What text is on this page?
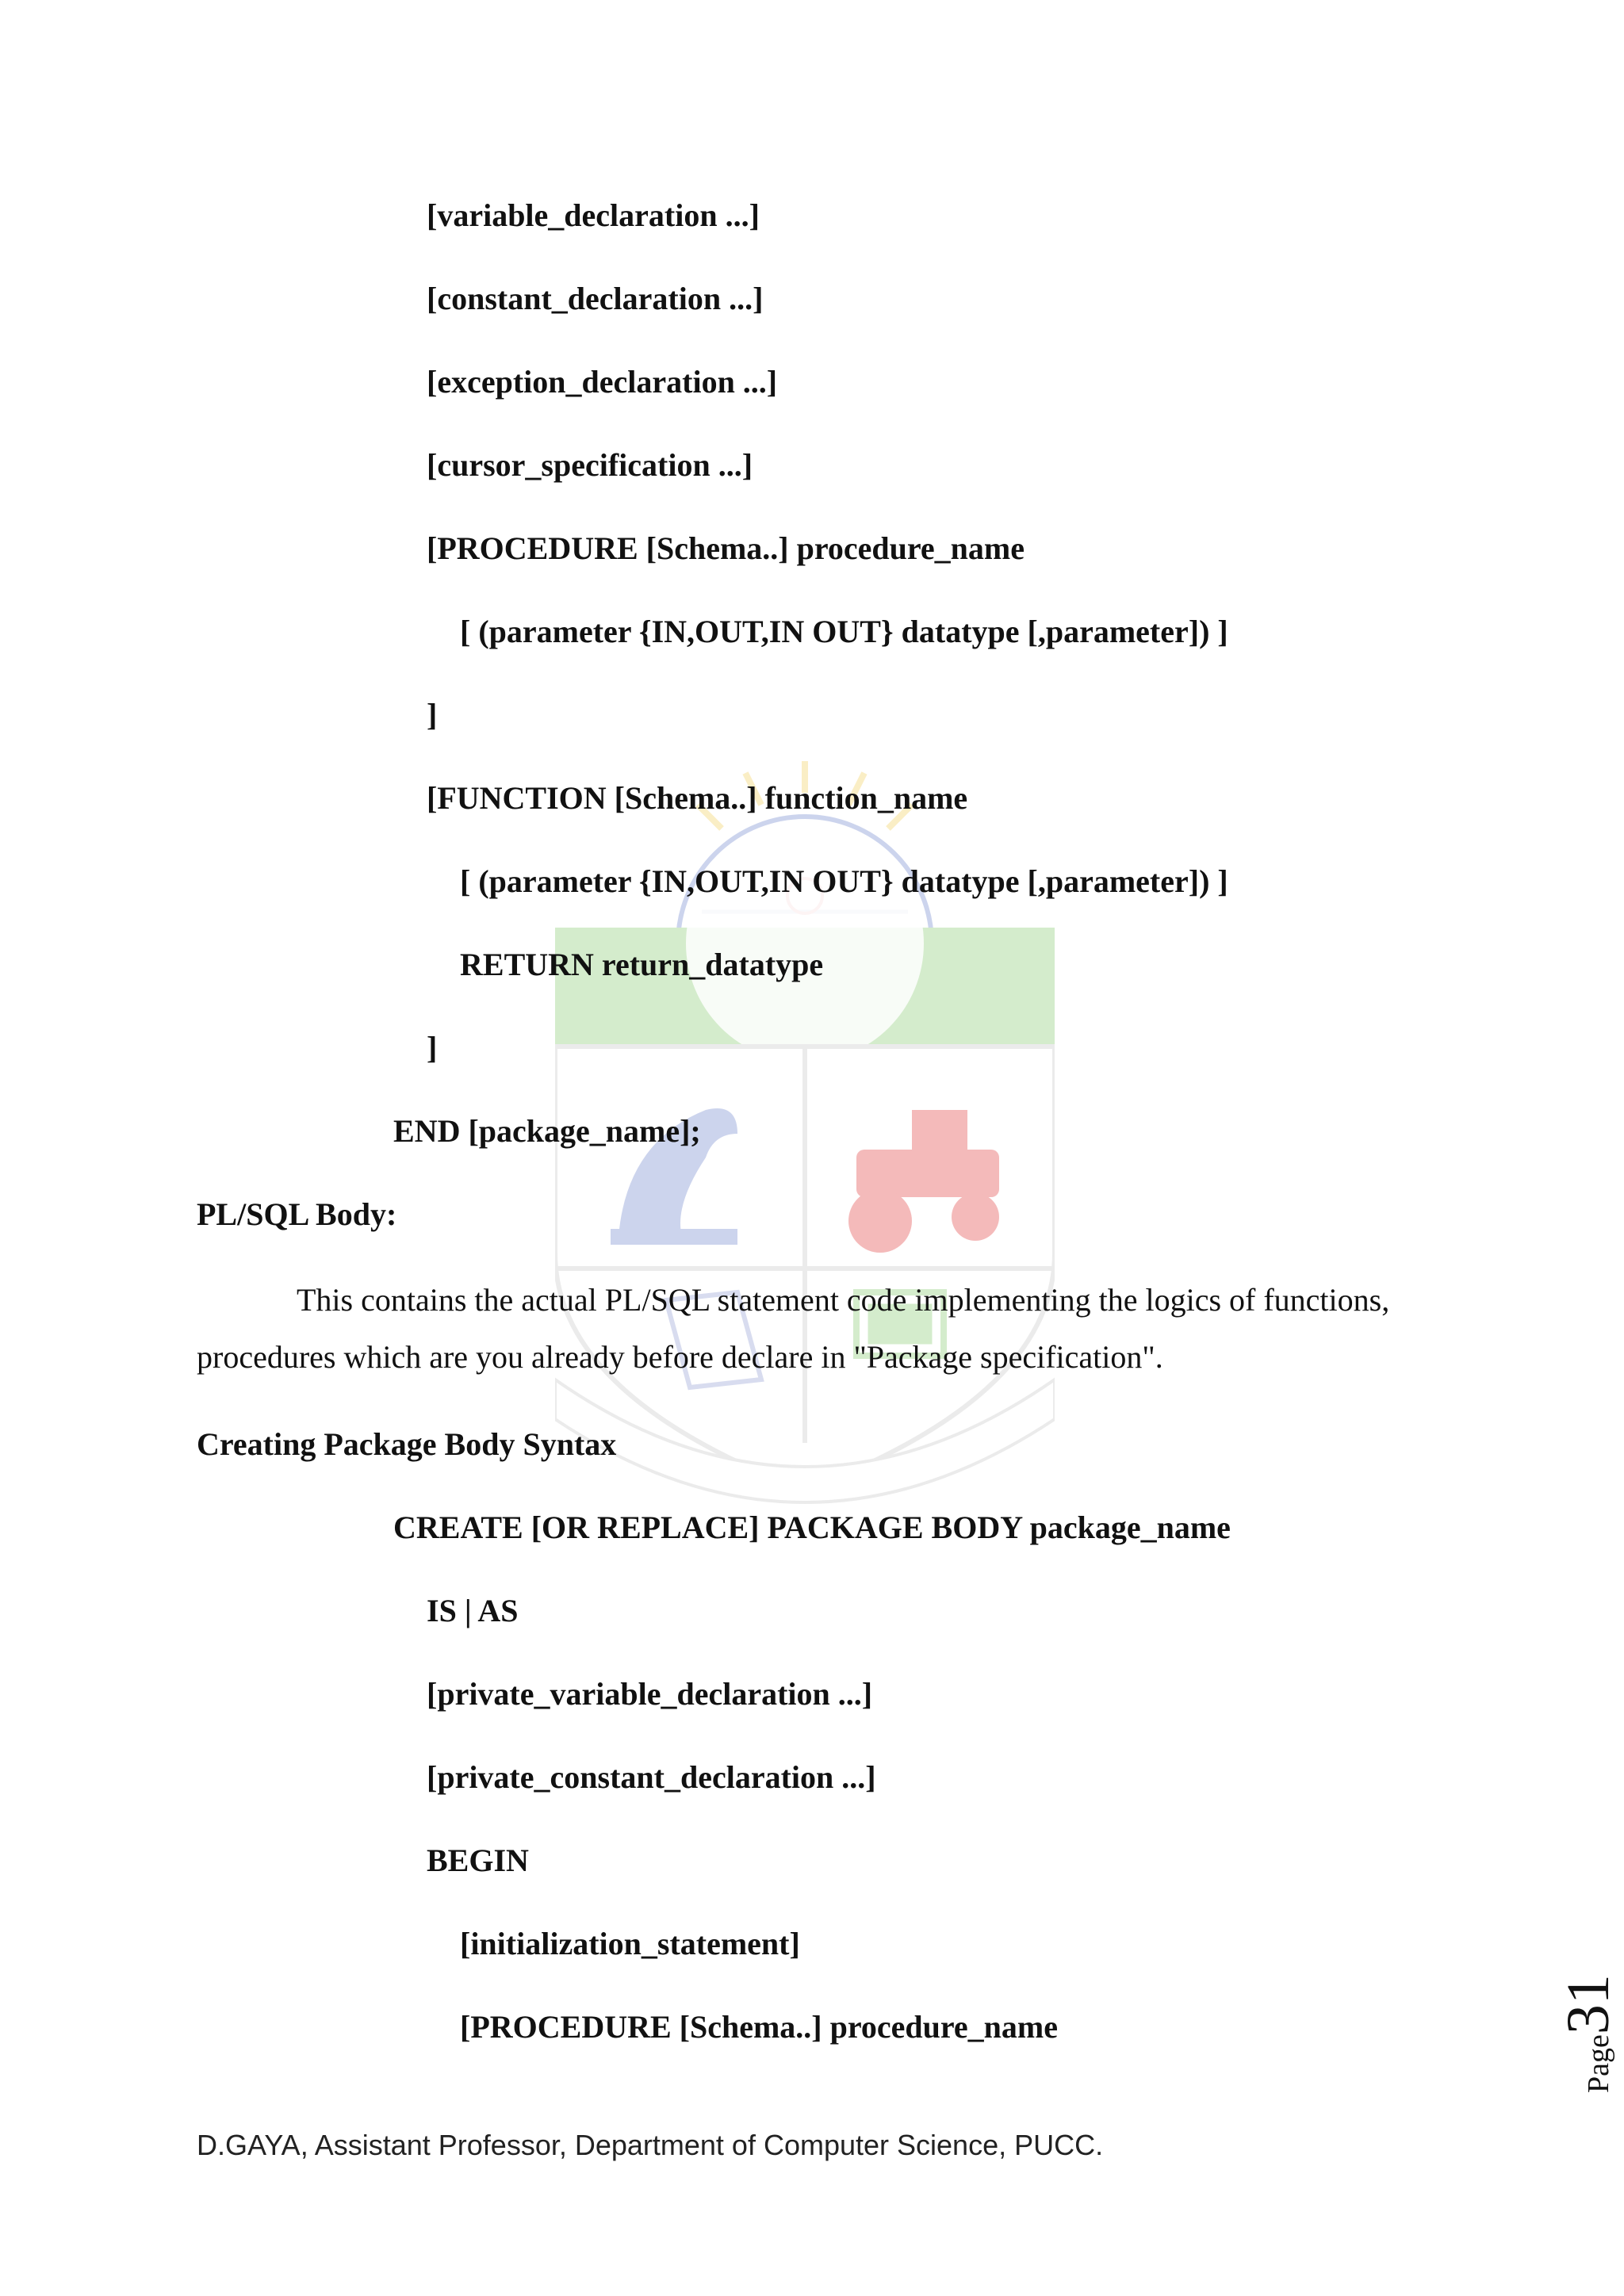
[variable_declaration ...]
[constant_declaration ...]
[exception_declaration ...]
[cursor_specification ...]
[PROCEDURE [Schema..] procedure_name
[ (parameter {IN,OUT,IN OUT} datatype [,parameter]) ]
]
[FUNCTION [Schema..] function_name
[ (parameter {IN,OUT,IN OUT} datatype [,parameter]) ]
RETURN return_datatype
]
END [package_name];
PL/SQL Body:
This contains the actual PL/SQL statement code implementing the logics of functions,
procedures which are you already before declare in "Package specification".
Creating Package Body Syntax
CREATE [OR REPLACE] PACKAGE BODY package_name
IS | AS
[private_variable_declaration ...]
[private_constant_declaration ...]
BEGIN
[initialization_statement]
[PROCEDURE [Schema..] procedure_name
Page31
D.GAYA, Assistant Professor, Department of Computer Science, PUCC.
